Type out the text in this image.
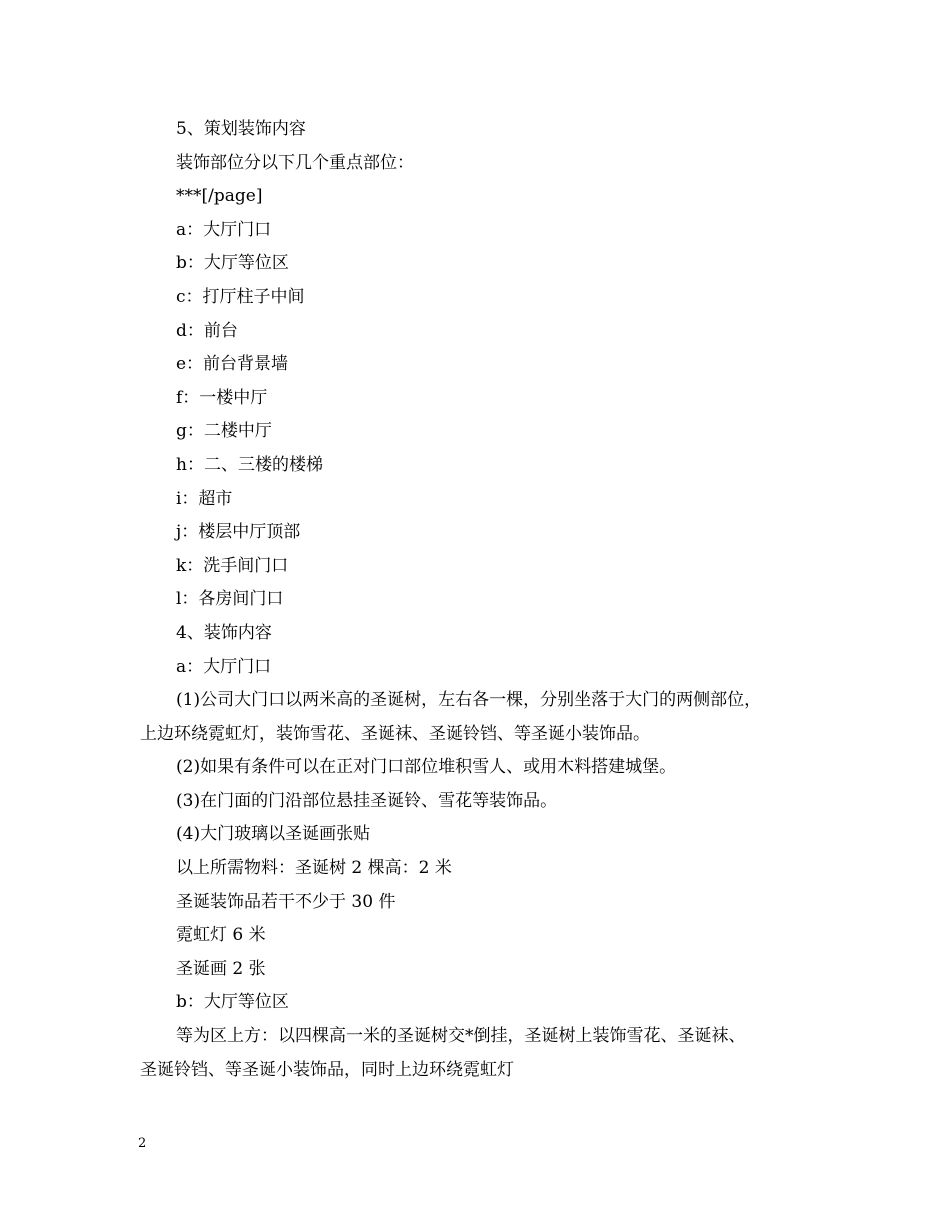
5、策划装饰内容
装饰部位分以下几个重点部位：
***[/page]
a：大厅门口
b：大厅等位区
c：打厅柱子中间
d：前台
e：前台背景墙
f：一楼中厅
g：二楼中厅
h：二、三楼的楼梯
i：超市
j：楼层中厅顶部
k：洗手间门口
l：各房间门口
4、装饰内容
a：大厅门口
(1)公司大门口以两米高的圣诞树，左右各一棵，分别坐落于大门的两侧部位，
上边环绕霓虹灯，装饰雪花、圣诞袜、圣诞铃铛、等圣诞小装饰品。
(2)如果有条件可以在正对门口部位堆积雪人、或用木料搭建城堡。
(3)在门面的门沿部位悬挂圣诞铃、雪花等装饰品。
(4)大门玻璃以圣诞画张贴
以上所需物料：圣诞树 2 棵高：2 米
圣诞装饰品若干不少于 30 件
霓虹灯 6 米
圣诞画 2 张
b：大厅等位区
等为区上方：以四棵高一米的圣诞树交*倒挂，圣诞树上装饰雪花、圣诞袜、
圣诞铃铛、等圣诞小装饰品，同时上边环绕霓虹灯
2
